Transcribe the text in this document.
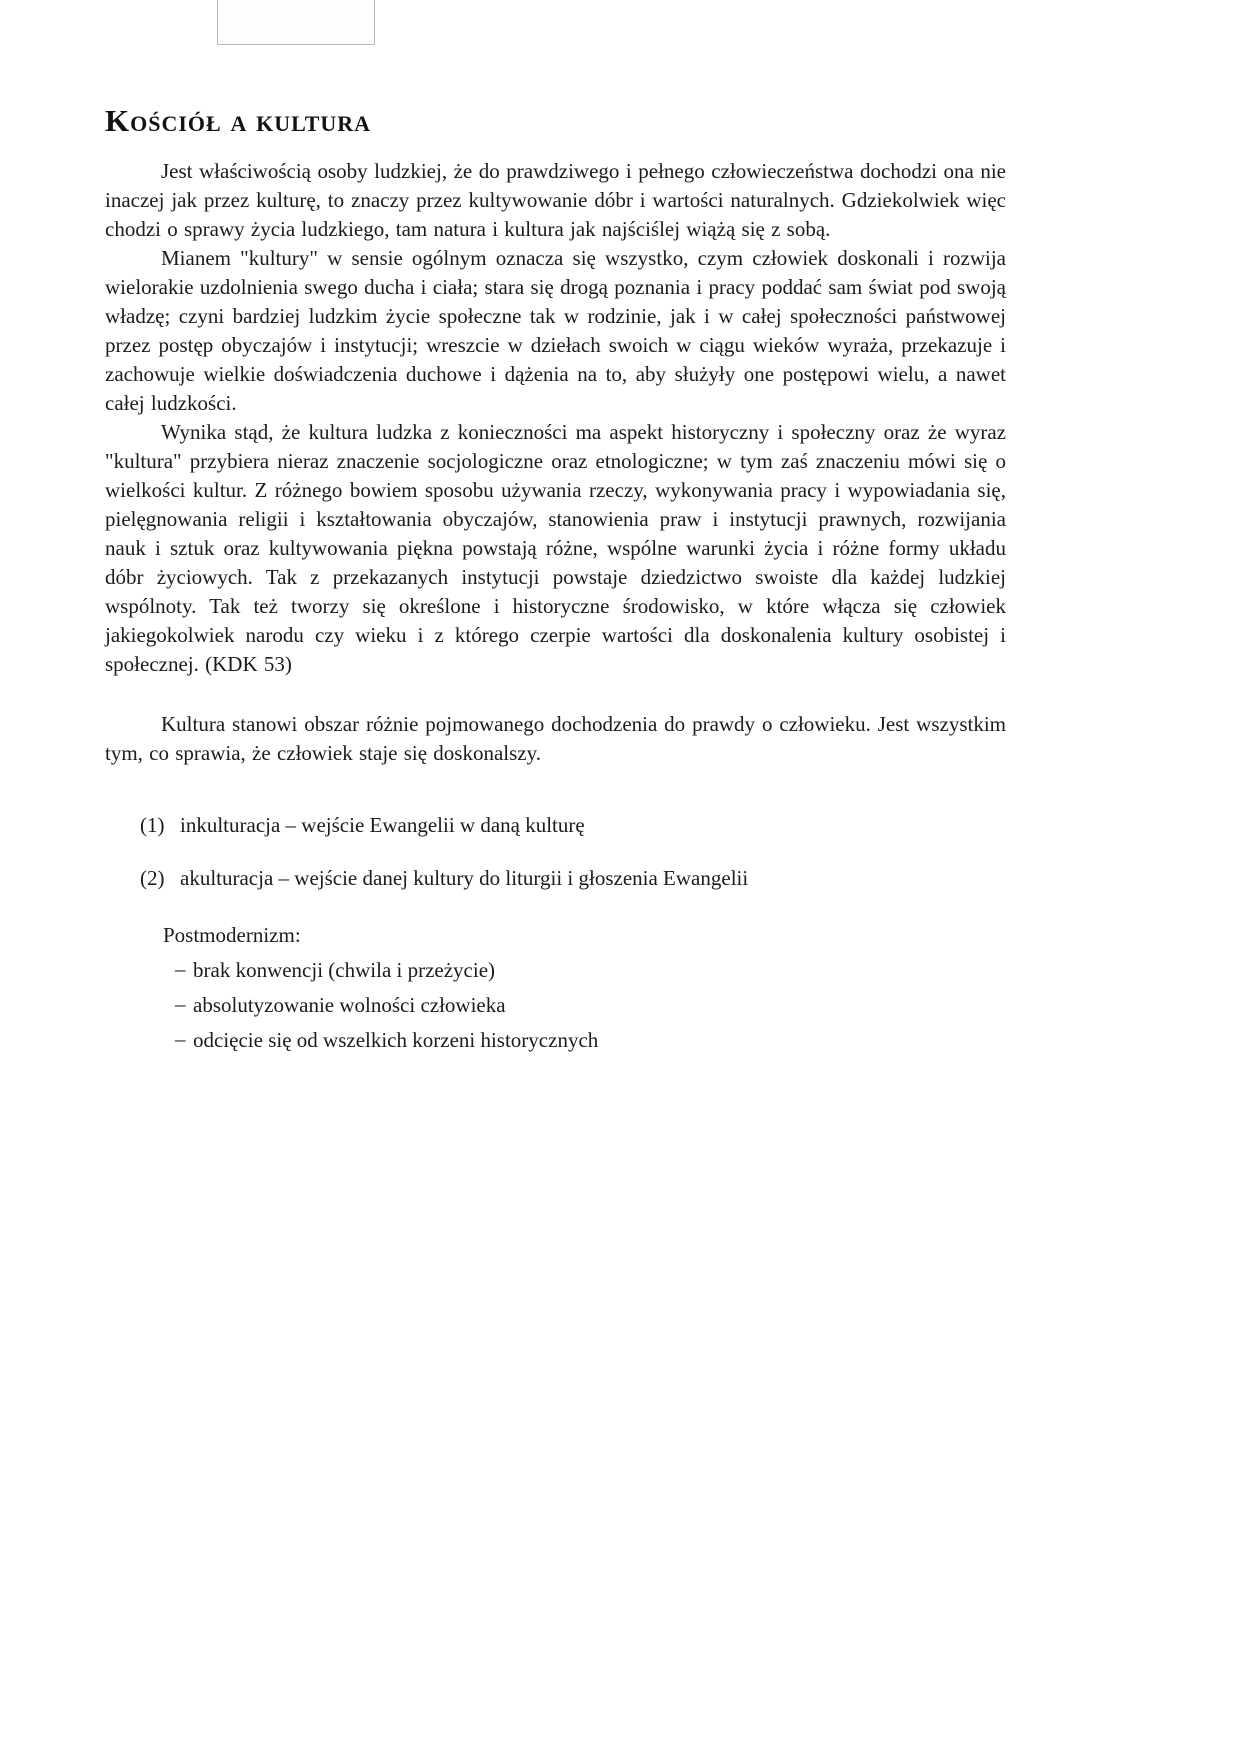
Kościół a kultura

Jest właściwością osoby ludzkiej, że do prawdziwego i pełnego człowieczeństwa dochodzi ona nie inaczej jak przez kulturę, to znaczy przez kultywowanie dóbr i wartości naturalnych. Gdziekolwiek więc chodzi o sprawy życia ludzkiego, tam natura i kultura jak najściślej wiążą się z sobą.

Mianem "kultury" w sensie ogólnym oznacza się wszystko, czym człowiek doskonali i rozwija wielorakie uzdolnienia swego ducha i ciała; stara się drogą poznania i pracy poddać sam świat pod swoją władzę; czyni bardziej ludzkim życie społeczne tak w rodzinie, jak i w całej społeczności państwowej przez postęp obyczajów i instytucji; wreszcie w dziełach swoich w ciągu wieków wyraża, przekazuje i zachowuje wielkie doświadczenia duchowe i dążenia na to, aby służyły one postępowi wielu, a nawet całej ludzkości.

Wynika stąd, że kultura ludzka z konieczności ma aspekt historyczny i społeczny oraz że wyraz "kultura" przybiera nieraz znaczenie socjologiczne oraz etnologiczne; w tym zaś znaczeniu mówi się o wielkości kultur. Z różnego bowiem sposobu używania rzeczy, wykonywania pracy i wypowiadania się, pielęgnowania religii i kształtowania obyczajów, stanowienia praw i instytucji prawnych, rozwijania nauk i sztuk oraz kultywowania piękna powstają różne, wspólne warunki życia i różne formy układu dóbr życiowych. Tak z przekazanych instytucji powstaje dziedzictwo swoiste dla każdej ludzkiej wspólnoty. Tak też tworzy się określone i historyczne środowisko, w które włącza się człowiek jakiegokolwiek narodu czy wieku i z którego czerpie wartości dla doskonalenia kultury osobistej i społecznej. (KDK 53)

Kultura stanowi obszar różnie pojmowanego dochodzenia do prawdy o człowieku. Jest wszystkim tym, co sprawia, że człowiek staje się doskonalszy.

(1) inkulturacja – wejście Ewangelii w daną kulturę
(2) akulturacja – wejście danej kultury do liturgii i głoszenia Ewangelii
Postmodernizm:
– brak konwencji (chwila i przeżycie)
– absolutyzowanie wolności człowieka
– odcięcie się od wszelkich korzeni historycznych
